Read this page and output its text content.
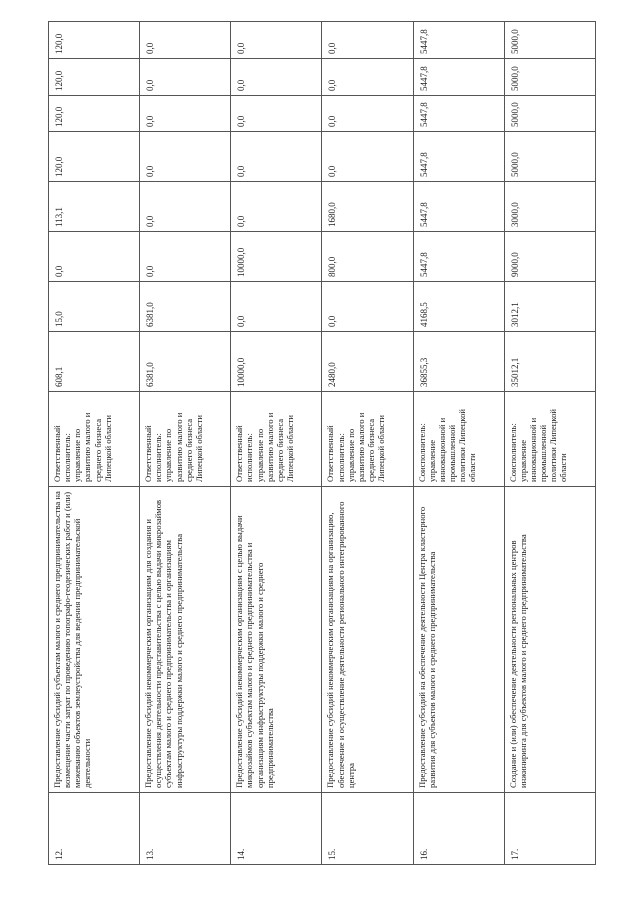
12.	Предоставление субсидий субъектам малого и среднего предпринимательства на возмещение части затрат по проведению топографо-геодезических работ и (или) межеванию объектов землеустройства для ведения предпринимательской деятельности	Ответственный исполнитель: управление по развитию малого и среднего бизнеса Липецкой области	608,1	15,0	0,0	113,1	120,0	120,0	120,0	120,0
13.	Предоставление субсидий некоммерческим организациям для создания и осуществления деятельности представительства с целью выдачи микрозаймов субъектам малого и среднего предпринимательства и организациям инфраструктуры поддержки малого и среднего предпринимательства	Ответственный исполнитель: управление по развитию малого и среднего бизнеса Липецкой области	6381,0	6381,0	0,0	0,0	0,0	0,0	0,0	0,0
14.	Предоставление субсидий некоммерческим организациям с целью выдачи микрозаймов субъектам малого и среднего предпринимательства и организациям инфраструктуры поддержки малого и среднего предпринимательства	Ответственный исполнитель: управление по развитию малого и среднего бизнеса Липецкой области	10000,0	0,0	10000,0	0,0	0,0	0,0	0,0	0,0
15.	Предоставление субсидий некоммерческим организациям на организацию, обеспечение и осуществление деятельности регионального интегрированного центра	Ответственный исполнитель: управление по развитию малого и среднего бизнеса Липецкой области	2480,0	0,0	800,0	1680,0	0,0	0,0	0,0	0,0
16.	Предоставление субсидий на обеспечение деятельности Центра кластерного развития для субъектов малого и среднего предпринимательства	Соисполнитель: управление инновационной и промышленной политики Липецкой области	36855,3	4168,5	5447,8	5447,8	5447,8	5447,8	5447,8	5447,8
17.	Создание и (или) обеспечение деятельности региональных центров инжиниринга для субъектов малого и среднего предпринимательства	Соисполнитель: управление инновационной и промышленной политики Липецкой области	35012,1	3012,1	9000,0	3000,0	5000,0	5000,0	5000,0	5000,0
